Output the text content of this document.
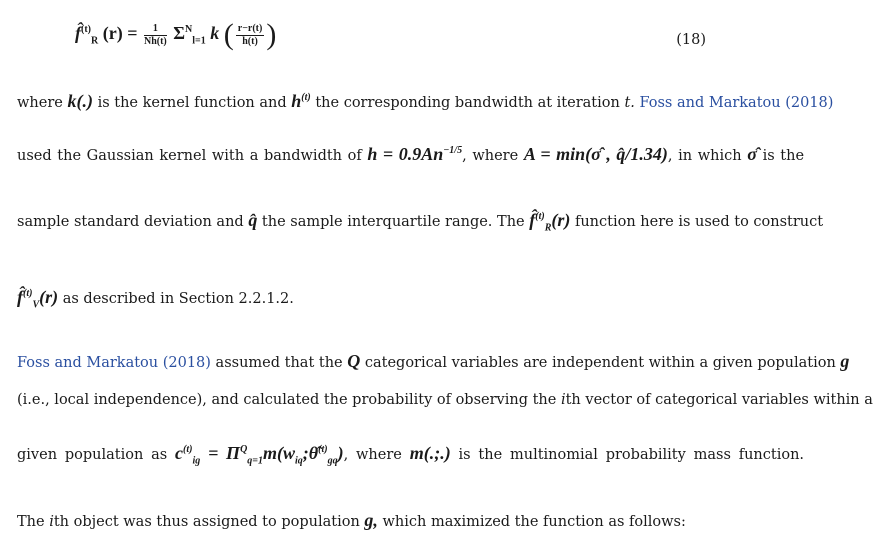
f̂$^{(t)}_R$ $(r) = \frac{1}{Nh(t)} \Sigma^N_{l=1}$ k ( $\frac{r-r(t)}{h(t)}$ )	(18)
where k(.) is the kernel function and $h^{(t)}$ the corresponding bandwidth at iteration t. Foss and Markatou (2018)
used the Gaussian kernel with a bandwidth of $h = 0.9An^{-1/5}$, where A = min(σ̂ , q̂/1.34), in which σ̂ is the
sample standard deviation and q̂ the sample interquartile range. The f̂$^{(t)}_R$(r) function here is used to construct
f̂$^{(t)}_V$(r) as described in Section 2.2.1.2.
Foss and Markatou (2018) assumed that the Q categorical variables are independent within a given population g
(i.e., local independence), and calculated the probability of observing the ith vector of categorical variables within a
given population as $c^{(t)}_{ig}$ = $\Pi^Q_{q=1}m(w_{iq};\thetâ^{(t)}_{gq})$, where m(.;.) is the multinomial probability mass function.
The ith object was thus assigned to population g, which maximized the function as follows:
